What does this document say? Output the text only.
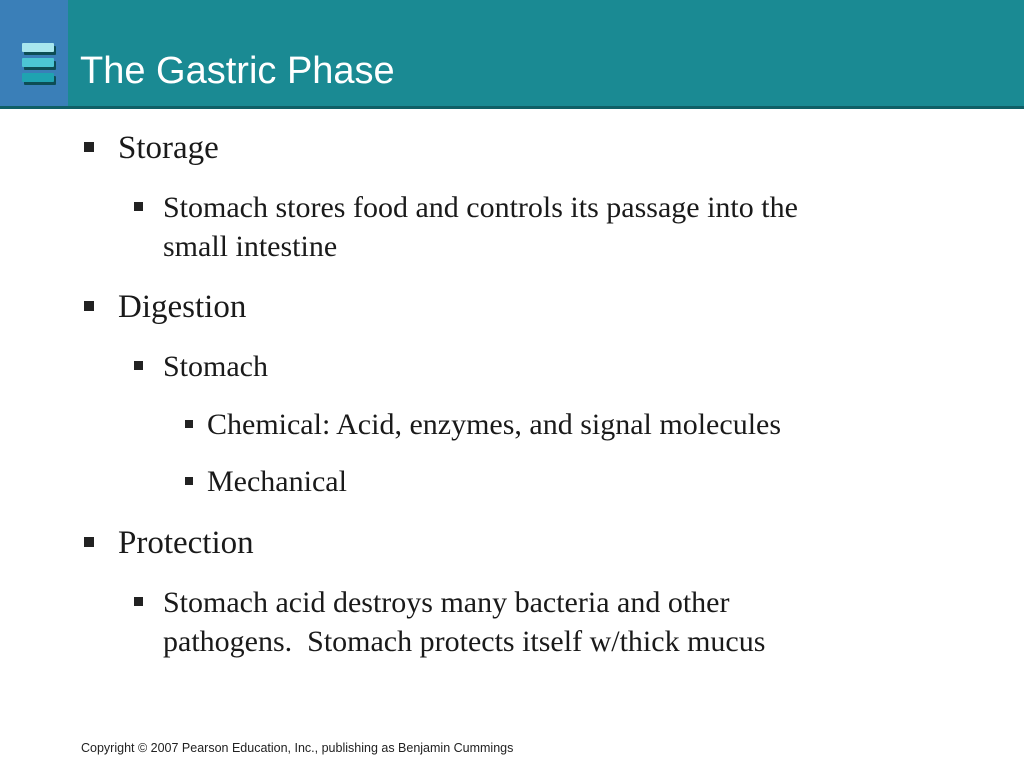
The Gastric Phase
Storage
Stomach stores food and controls its passage into the
small intestine
Digestion
Stomach
Chemical: Acid, enzymes, and signal molecules
Mechanical
Protection
Stomach acid destroys many bacteria and other
pathogens.  Stomach protects itself w/thick mucus
Copyright © 2007 Pearson Education, Inc., publishing as Benjamin Cummings
